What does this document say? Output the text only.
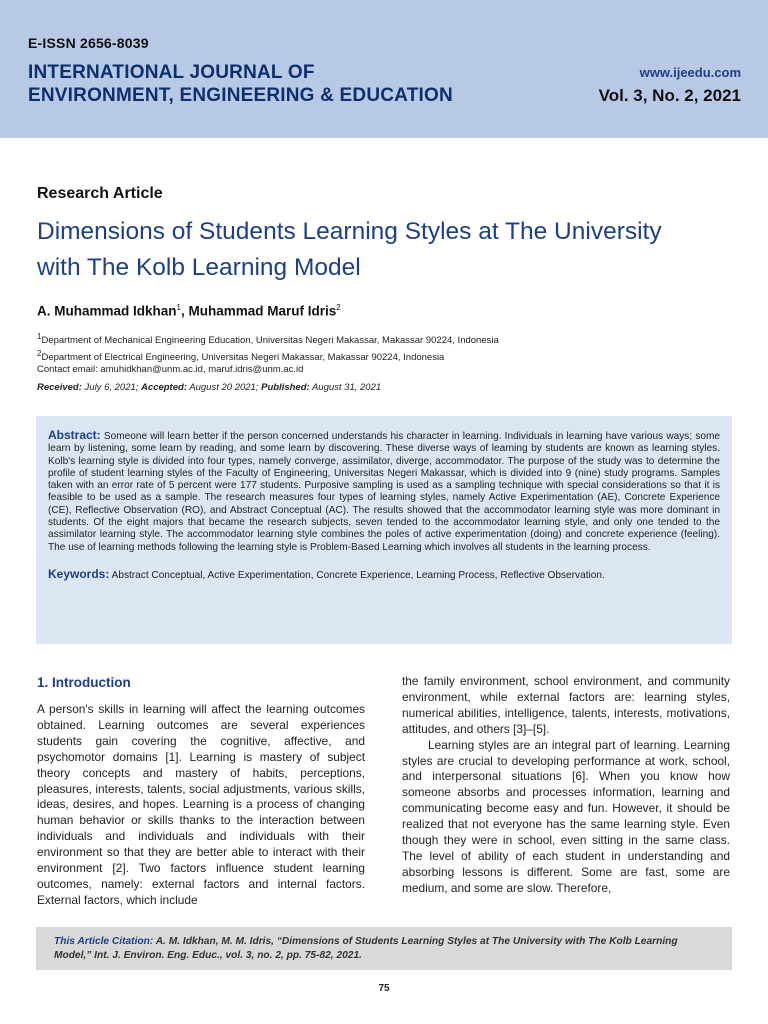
E-ISSN 2656-8039
INTERNATIONAL JOURNAL OF
ENVIRONMENT, ENGINEERING & EDUCATION
www.ijeedu.com
Vol. 3, No. 2, 2021
Research Article
Dimensions of Students Learning Styles at The University
with The Kolb Learning Model
A. Muhammad Idkhan$^1$, Muhammad Maruf Idris$^2$
$^1$Department of Mechanical Engineering Education, Universitas Negeri Makassar, Makassar 90224, Indonesia
$^2$Department of Electrical Engineering, Universitas Negeri Makassar, Makassar 90224, Indonesia
Contact email: amuhidkhan@unm.ac.id, maruf.idris@unm.ac.id
Received: July 6, 2021; Accepted: August 20 2021; Published: August 31, 2021
Abstract: Someone will learn better if the person concerned understands his character in learning. Individuals in learning have various ways; some learn by listening, some learn by reading, and some learn by discovering. These diverse ways of learning by students are known as learning styles. Kolb's learning style is divided into four types, namely converge, assimilator, diverge, accommodator. The purpose of the study was to determine the profile of student learning styles of the Faculty of Engineering, Universitas Negeri Makassar, which is divided into 9 (nine) study programs. Samples taken with an error rate of 5 percent were 177 students. Purposive sampling is used as a sampling technique with special considerations so that it is feasible to be used as a sample. The research measures four types of learning styles, namely Active Experimentation (AE), Concrete Experience (CE), Reflective Observation (RO), and Abstract Conceptual (AC). The results showed that the accommodator learning style was more dominant in students. Of the eight majors that became the research subjects, seven tended to the accommodator learning style, and only one tended to the assimilator learning style. The accommodator learning style combines the poles of active experimentation (doing) and concrete experience (feeling). The use of learning methods following the learning style is Problem-Based Learning which involves all students in the learning process.
Keywords: Abstract Conceptual, Active Experimentation, Concrete Experience, Learning Process, Reflective Observation.
1. Introduction

A person's skills in learning will affect the learning outcomes obtained. Learning outcomes are several experiences students gain covering the cognitive, affective, and psychomotor domains [1]. Learning is mastery of subject theory concepts and mastery of habits, perceptions, pleasures, interests, talents, social adjustments, various skills, ideas, desires, and hopes. Learning is a process of changing human behavior or skills thanks to the interaction between individuals and individuals and individuals with their environment so that they are better able to interact with their environment [2]. Two factors influence student learning outcomes, namely: external factors and internal factors. External factors, which include

the family environment, school environment, and community environment, while external factors are: learning styles, numerical abilities, intelligence, talents, interests, motivations, attitudes, and others [3]–[5].

Learning styles are an integral part of learning. Learning styles are crucial to developing performance at work, school, and interpersonal situations [6]. When you know how someone absorbs and processes information, learning and communicating become easy and fun. However, it should be realized that not everyone has the same learning style. Even though they were in school, even sitting in the same class. The level of ability of each student in understanding and absorbing lessons is different. Some are fast, some are medium, and some are slow. Therefore,

This Article Citation: A. M. Idkhan, M. M. Idris, “Dimensions of Students Learning Styles at The University with The Kolb Learning Model,” Int. J. Environ. Eng. Educ., vol. 3, no. 2, pp. 75-82, 2021.
75
